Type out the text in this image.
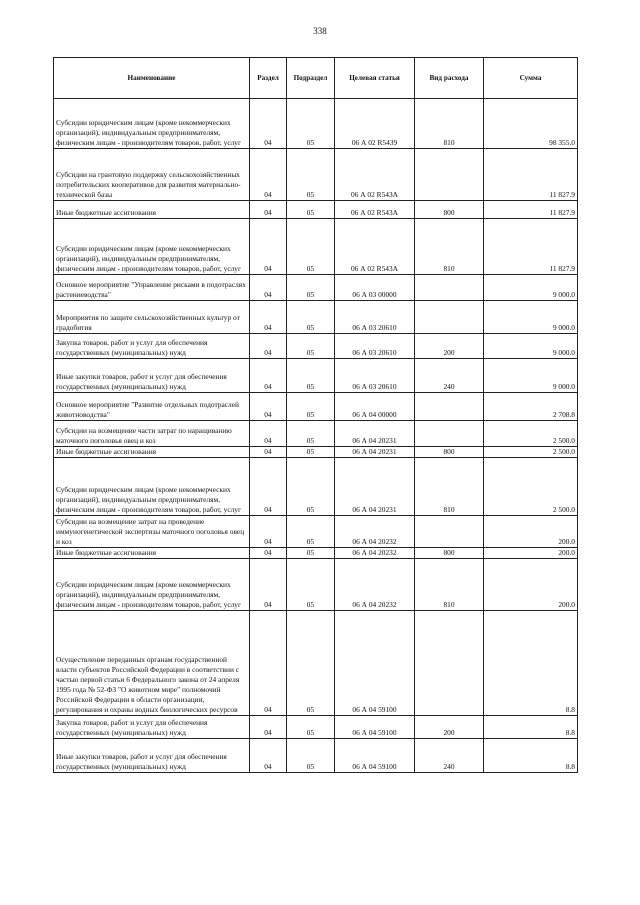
338
Наименование	Раздел	Подраздел	Целевая статья	Вид расхода	Сумма
Субсидии юридическим лицам (кроме некоммерческих организаций), индивидуальным предпринимателям, физическим лицам - производителям товаров, работ, услуг	04	05	06 А 02 R5439	810	98 355.0
Субсидии на грантовую поддержку сельскохозяйственных потребительских кооперативов для развития материально-технической базы	04	05	06 А 02 R543А		11 827.9
Иные бюджетные ассигнования	04	05	06 А 02 R543А	800	11 827.9
Субсидии юридическим лицам (кроме некоммерческих организаций), индивидуальным предпринимателям, физическим лицам - производителям товаров, работ, услуг	04	05	06 А 02 R543А	810	11 827.9
Основное мероприятие "Управление рисками в подотраслях растениеводства"	04	05	06 А 03 00000		9 000.0
Мероприятия по защите сельскохозяйственных культур от градобития	04	05	06 А 03 20610		9 000.0
Закупка товаров, работ и услуг для обеспечения государственных (муниципальных) нужд	04	05	06 А 03 20610	200	9 000.0
Иные закупки товаров, работ и услуг для обеспечения государственных (муниципальных) нужд	04	05	06 А 03 20610	240	9 000.0
Основное мероприятие "Развитие отдельных подотраслей животноводства"	04	05	06 А 04 00000		2 708.8
Субсидии на возмещение части затрат по наращиванию маточного поголовья овец и коз	04	05	06 А 04 20231		2 500.0
Иные бюджетные ассигнования	04	05	06 А 04 20231	800	2 500.0
Субсидии юридическим лицам (кроме некоммерческих организаций), индивидуальным предпринимателям, физическим лицам - производителям товаров, работ, услуг	04	05	06 А 04 20231	810	2 500.0
Субсидии на возмещение затрат на проведение иммуногенетической экспертизы маточного поголовья овец и коз	04	05	06 А 04 20232		200.0
Иные бюджетные ассигнования	04	05	06 А 04 20232	800	200.0
Субсидии юридическим лицам (кроме некоммерческих организаций), индивидуальным предпринимателям, физическим лицам - производителям товаров, работ, услуг	04	05	06 А 04 20232	810	200.0
Осуществление переданных органам государственной власти субъектов Российской Федерации в соответствии с частью первой статьи 6 Федерального закона от 24 апреля 1995 года № 52-ФЗ "О животном мире" полномочий Российской Федерации в области организации, регулирования и охраны водных биологических ресурсов	04	05	06 А 04 59100		8.8
Закупка товаров, работ и услуг для обеспечения государственных (муниципальных) нужд	04	05	06 А 04 59100	200	8.8
Иные закупки товаров, работ и услуг для обеспечения государственных (муниципальных) нужд	04	05	06 А 04 59100	240	8.8
